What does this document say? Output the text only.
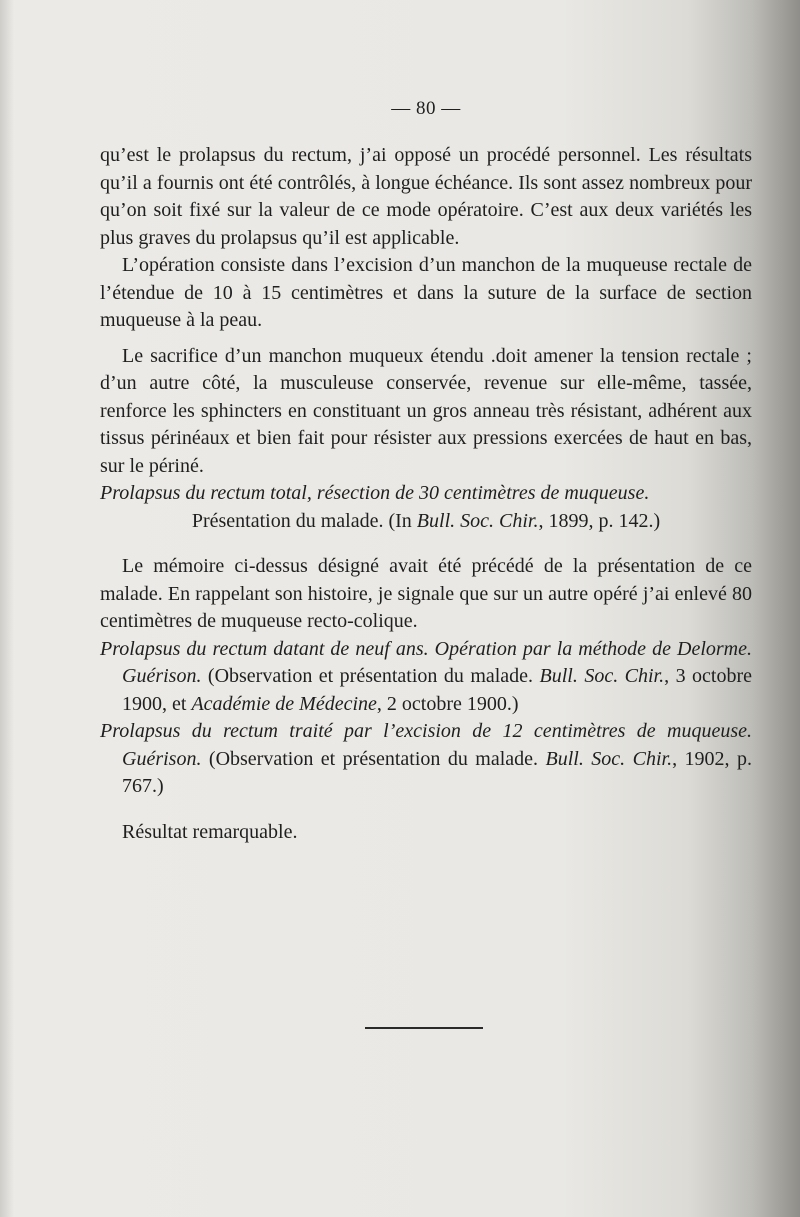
— 80 —

qu’est le prolapsus du rectum, j’ai opposé un procédé personnel. Les résultats qu’il a fournis ont été contrôlés, à longue échéance. Ils sont assez nombreux pour qu’on soit fixé sur la valeur de ce mode opératoire. C’est aux deux variétés les plus graves du prolapsus qu’il est applicable.

L’opération consiste dans l’excision d’un manchon de la muqueuse rectale de l’étendue de 10 à 15 centimètres et dans la suture de la surface de section muqueuse à la peau.

Le sacrifice d’un manchon muqueux étendu .doit amener la tension rectale ; d’un autre côté, la musculeuse conservée, revenue sur elle-même, tassée, renforce les sphincters en constituant un gros anneau très résistant, adhérent aux tissus périnéaux et bien fait pour résister aux pressions exercées de haut en bas, sur le périné.

Prolapsus du rectum total, résection de 30 centimètres de muqueuse.
Présentation du malade. (In Bull. Soc. Chir., 1899, p. 142.)

Le mémoire ci-dessus désigné avait été précédé de la présentation de ce malade. En rappelant son histoire, je signale que sur un autre opéré j’ai enlevé 80 centimètres de muqueuse recto-colique.

Prolapsus du rectum datant de neuf ans. Opération par la méthode de Delorme. Guérison. (Observation et présentation du malade. Bull. Soc. Chir., 3 octobre 1900, et Académie de Médecine, 2 octobre 1900.)
Prolapsus du rectum traité par l’excision de 12 centimètres de muqueuse. Guérison. (Observation et présentation du malade. Bull. Soc. Chir., 1902, p. 767.)

Résultat remarquable.
